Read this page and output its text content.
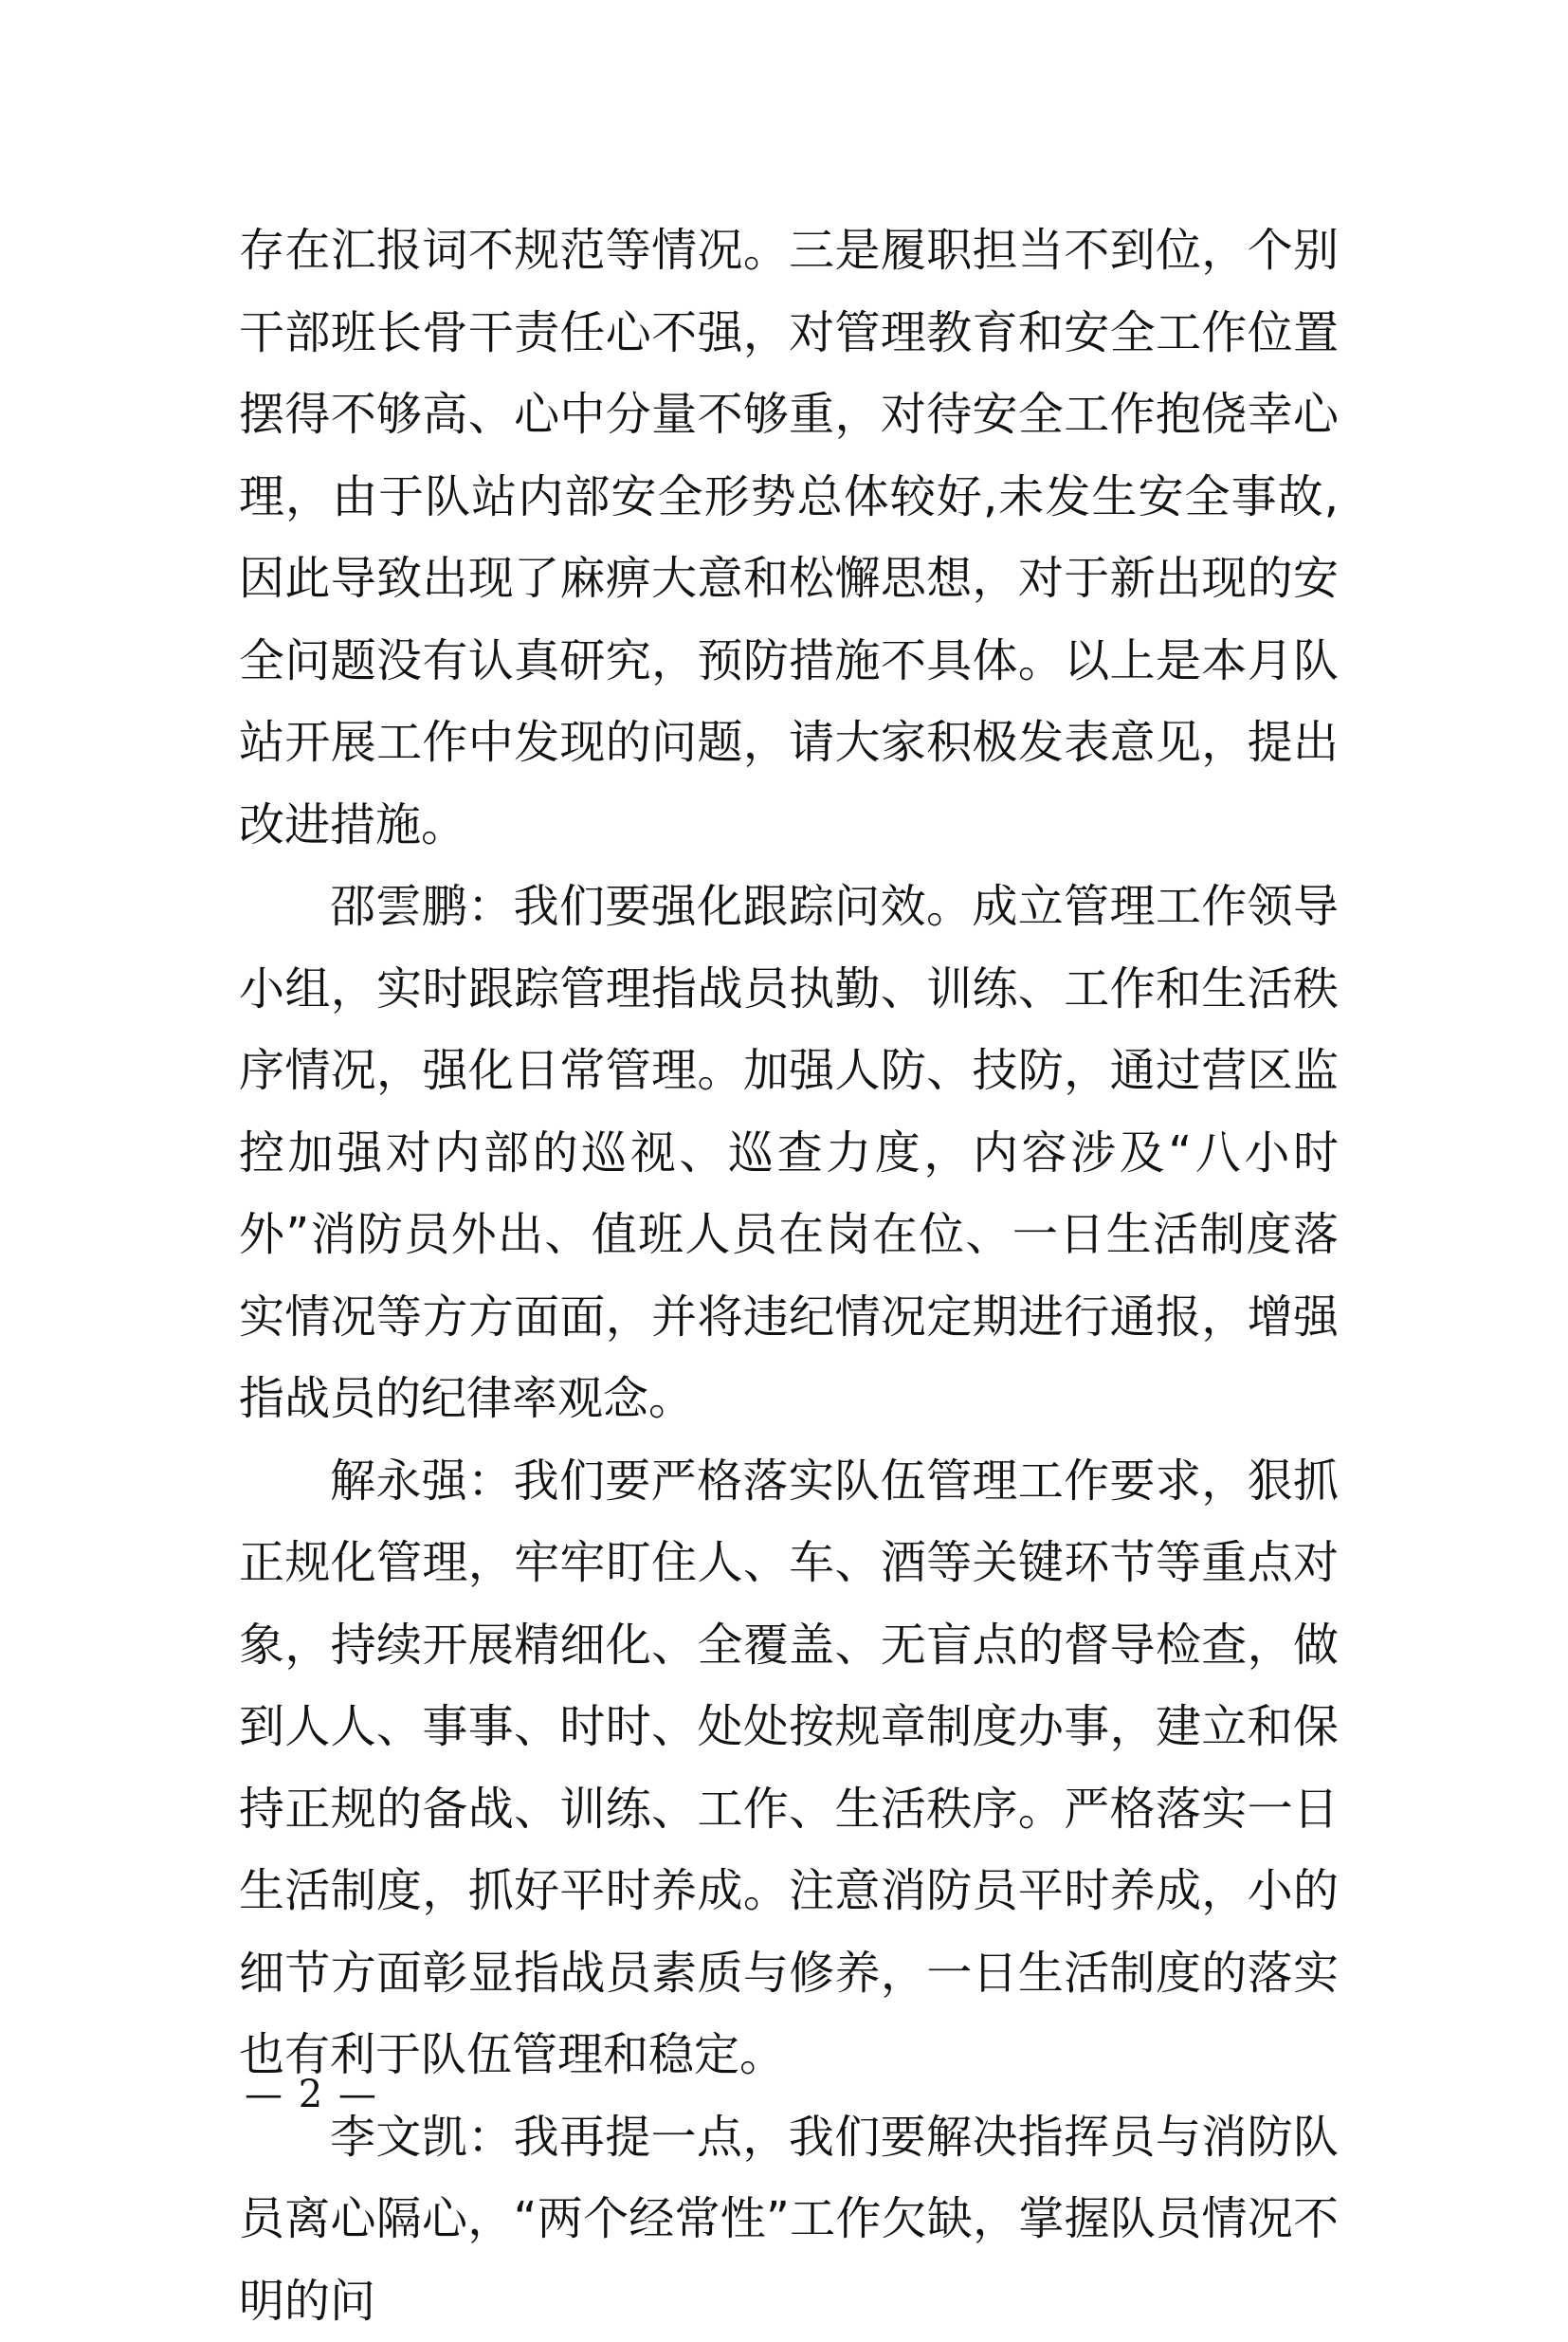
存在汇报词不规范等情况。三是履职担当不到位，个别干部班长骨干责任心不强，对管理教育和安全工作位置摆得不够高、心中分量不够重，对待安全工作抱侥幸心理，由于队站内部安全形势总体较好,未发生安全事故,因此导致出现了麻痹大意和松懈思想，对于新出现的安全问题没有认真研究，预防措施不具体。以上是本月队站开展工作中发现的问题，请大家积极发表意见，提出改进措施。

邵雲鹏：我们要强化跟踪问效。成立管理工作领导小组，实时跟踪管理指战员执勤、训练、工作和生活秩序情况，强化日常管理。加强人防、技防，通过营区监控加强对内部的巡视、巡查力度，内容涉及“八小时外”消防员外出、值班人员在岗在位、一日生活制度落实情况等方方面面，并将违纪情况定期进行通报，增强指战员的纪律率观念。

解永强：我们要严格落实队伍管理工作要求，狠抓正规化管理，牢牢盯住人、车、酒等关键环节等重点对象，持续开展精细化、全覆盖、无盲点的督导检查，做到人人、事事、时时、处处按规章制度办事，建立和保持正规的备战、训练、工作、生活秩序。严格落实一日生活制度，抓好平时养成。注意消防员平时养成，小的细节方面彰显指战员素质与修养，一日生活制度的落实也有利于队伍管理和稳定。

李文凯：我再提一点，我们要解决指挥员与消防队员离心隔心，“两个经常性”工作欠缺，掌握队员情况不明的问

— 2 —
